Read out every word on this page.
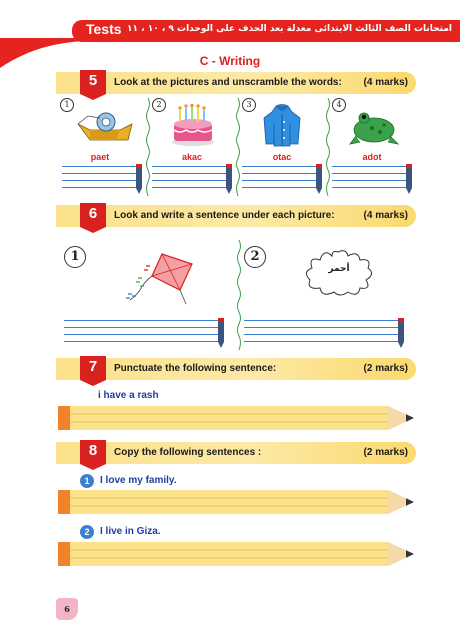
Tests امتحانات الصف الثالث الابتدائى معدلة بعد الحذف على الوحدات ٩ ، ١٠ ، ١١
C - Writing
5	Look at the pictures and unscramble the words: (4 marks)
1
paet
2
akac
3
otac
4
adot
6	Look and write a sentence under each picture:	(4 marks)
1	2
أحمر
7	Punctuate the following sentence:	(2 marks)
i have a rash
8	Copy the following sentences :	(2 marks)
1	I love my family.
2	I live in Giza.
6
